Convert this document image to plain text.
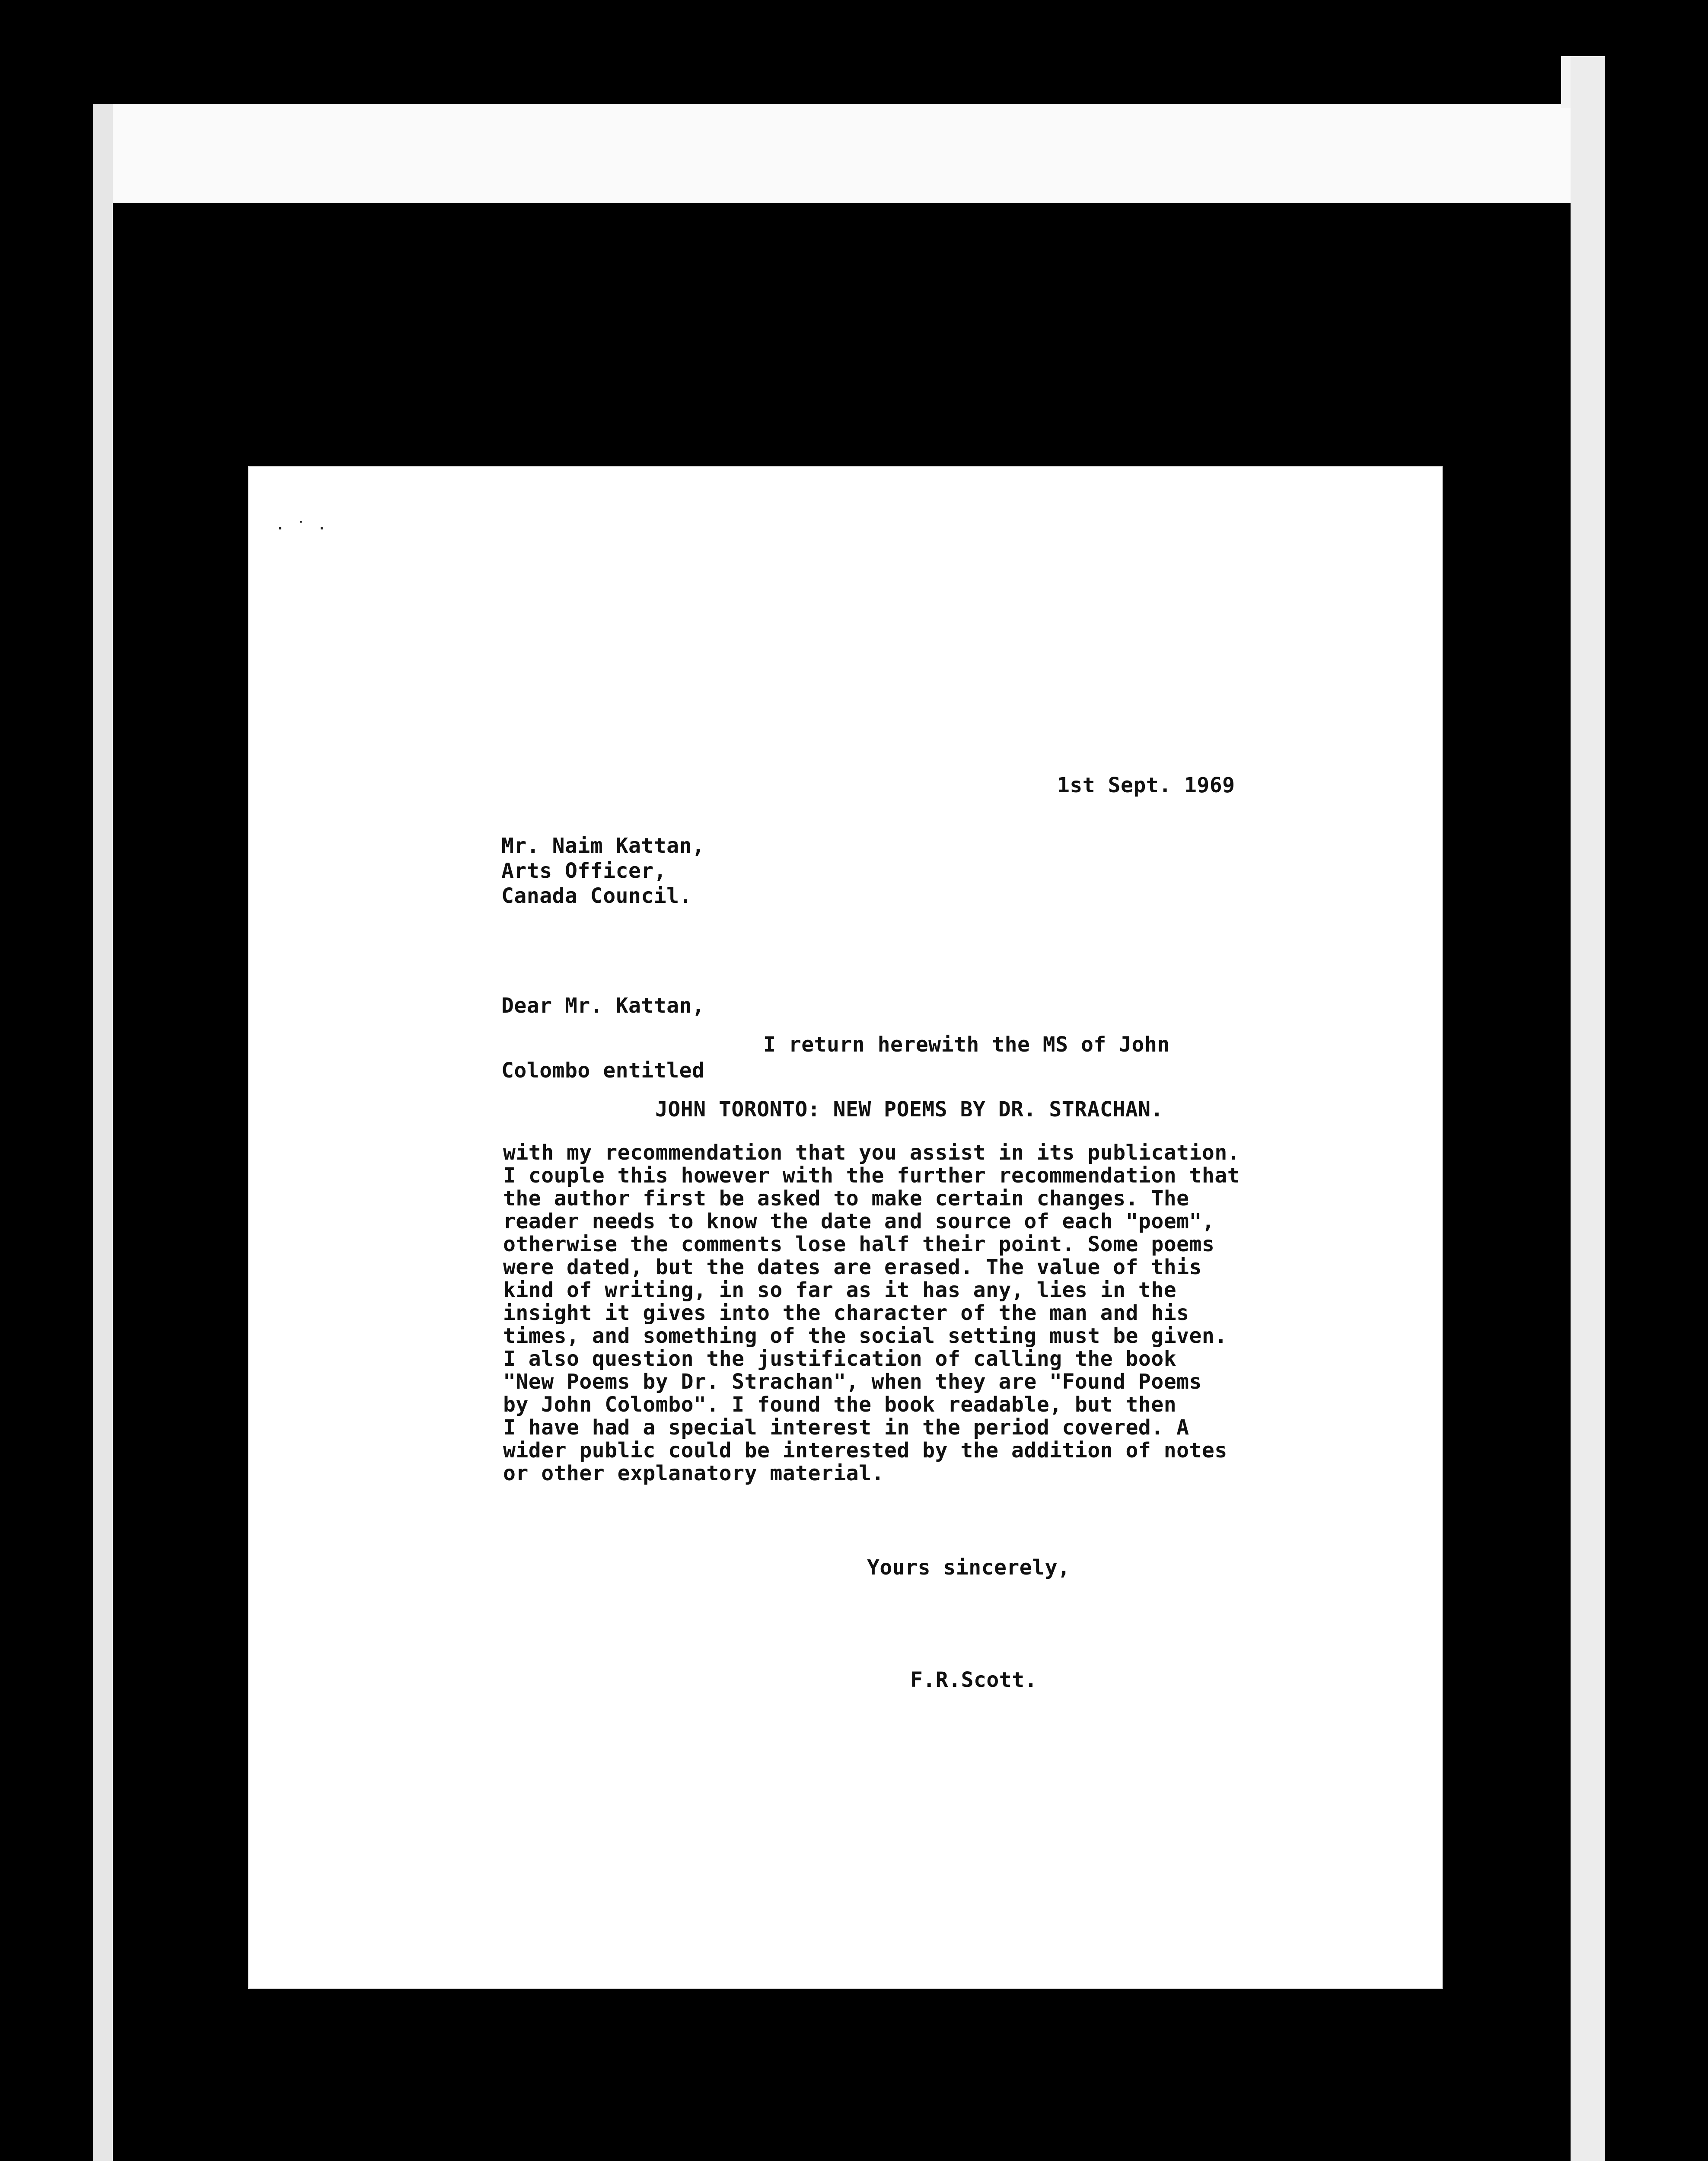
· ˙ ·
1st Sept. 1969
Mr. Naim Kattan,
Arts Officer,
Canada Council.
Dear Mr. Kattan,
I return herewith the MS of John
Colombo entitled
JOHN TORONTO: NEW POEMS BY DR. STRACHAN.
with my recommendation that you assist in its publication.
I couple this however with the further recommendation that
the author first be asked to make certain changes. The
reader needs to know the date and source of each "poem",
otherwise the comments lose half their point. Some poems
were dated, but the dates are erased. The value of this
kind of writing, in so far as it has any, lies in the
insight it gives into the character of the man and his
times, and something of the social setting must be given.
I also question the justification of calling the book
"New Poems by Dr. Strachan", when they are "Found Poems
by John Colombo". I found the book readable, but then
I have had a special interest in the period covered. A
wider public could be interested by the addition of notes
or other explanatory material.
Yours sincerely,
F.R.Scott.
